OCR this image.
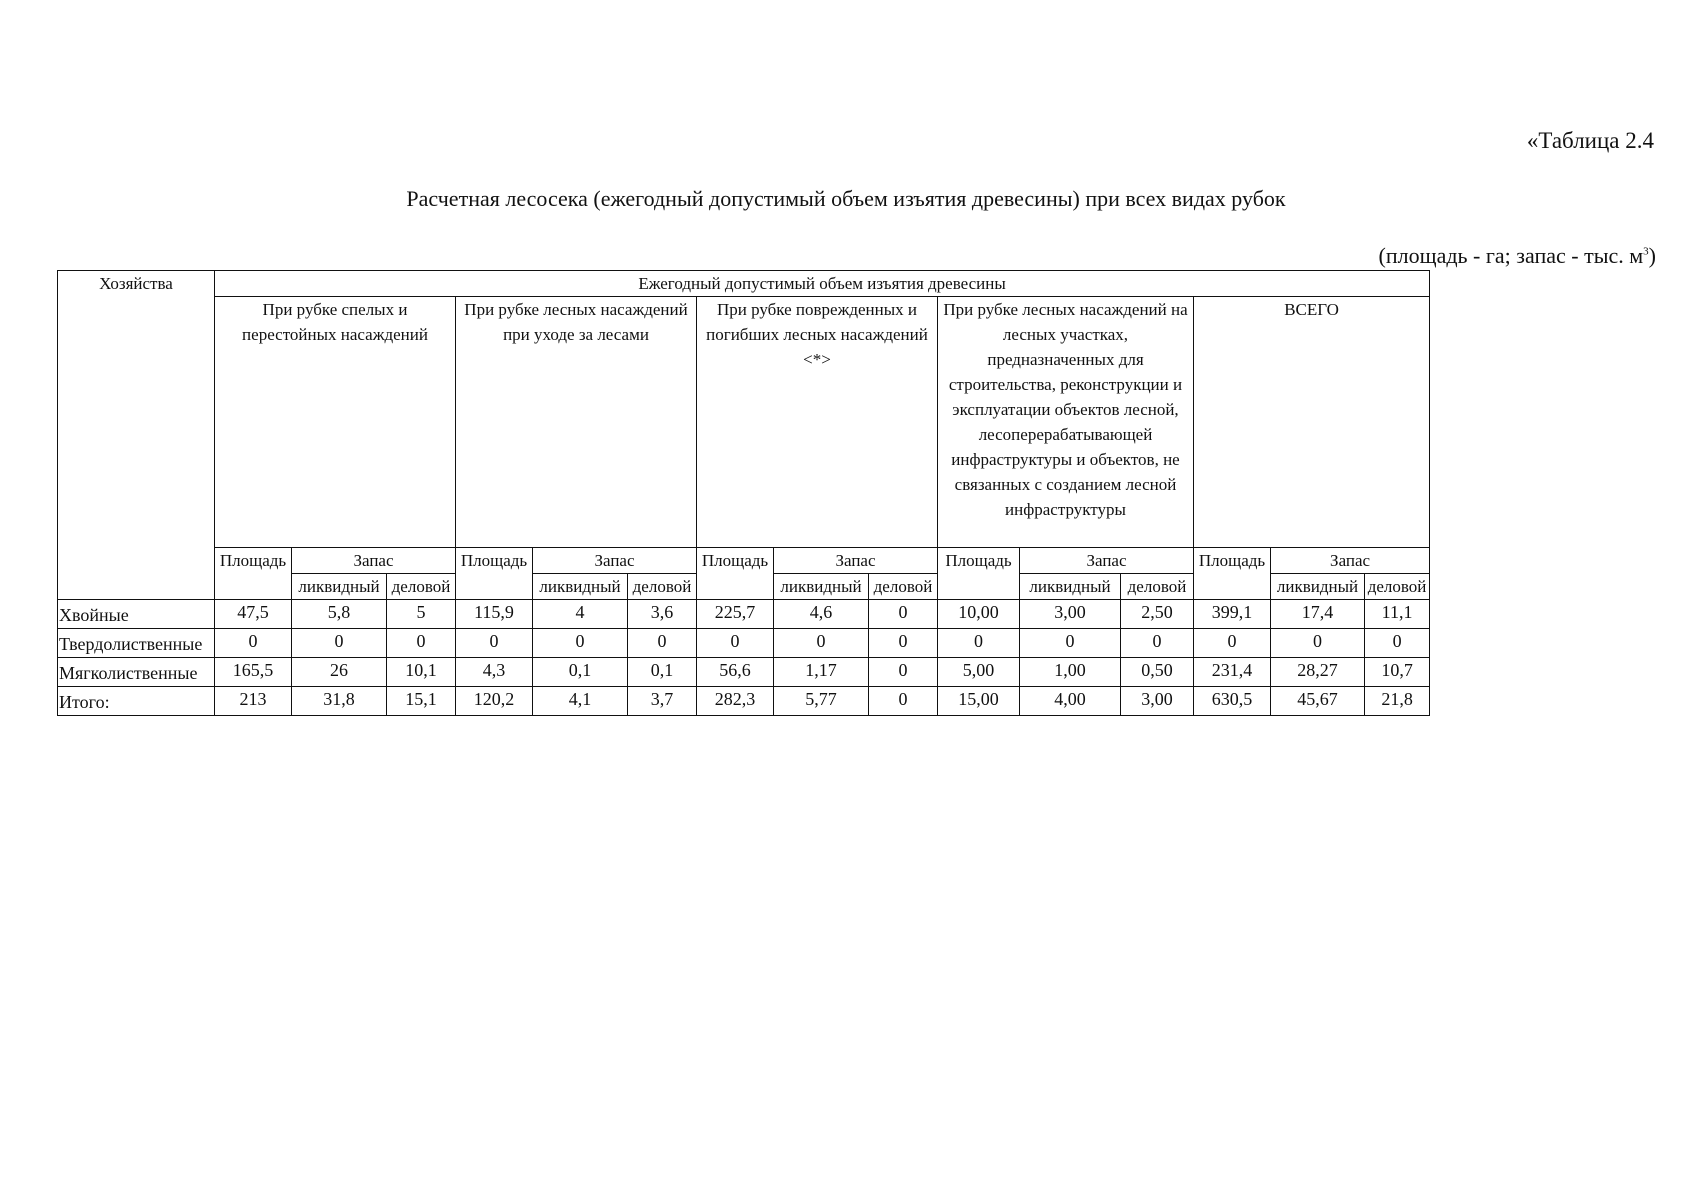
«Таблица 2.4
Расчетная лесосека (ежегодный допустимый объем изъятия древесины) при всех видах рубок
(площадь - га; запас - тыс. $м^3$)
Хозяйства	Ежегодный допустимый объем изъятия древесины														
	При рубке спелых и перестойных насаждений			При рубке лесных насаждений при уходе за лесами			При рубке поврежденных и погибших лесных насаждений <*>			При рубке лесных насаждений на лесных участках, предназначенных для строительства, реконструкции и эксплуатации объектов лесной, лесоперерабатывающей инфраструктуры и объектов, не связанных с созданием лесной инфраструктуры			ВСЕГО		
	Площадь	Запас		Площадь	Запас		Площадь	Запас		Площадь	Запас		Площадь	Запас	
		ликвидный	деловой		ликвидный	деловой		ликвидный	деловой		ликвидный	деловой		ликвидный	деловой
Хвойные	47,5	5,8	5	115,9	4	3,6	225,7	4,6	0	10,00	3,00	2,50	399,1	17,4	11,1
Твердолиственные	0	0	0	0	0	0	0	0	0	0	0	0	0	0	0
Мягколиственные	165,5	26	10,1	4,3	0,1	0,1	56,6	1,17	0	5,00	1,00	0,50	231,4	28,27	10,7
Итого:	213	31,8	15,1	120,2	4,1	3,7	282,3	5,77	0	15,00	4,00	3,00	630,5	45,67	21,8
